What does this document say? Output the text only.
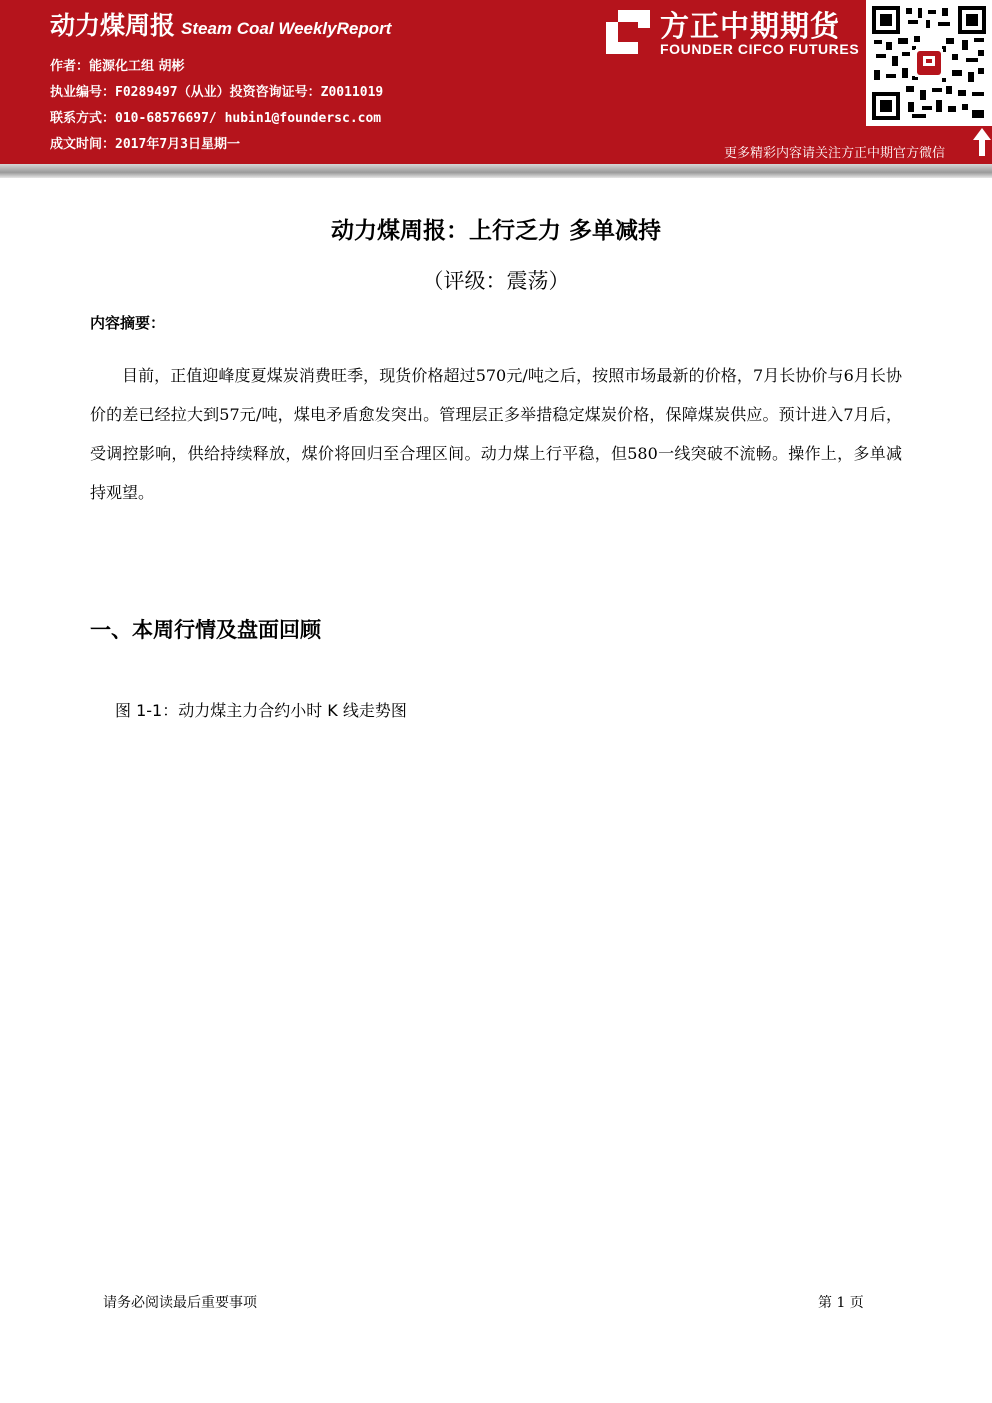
动力煤周报 Steam Coal WeeklyReport
作者：能源化工组 胡彬
执业编号：F0289497（从业）投资咨询证号：Z0011019
联系方式：010-68576697/ hubin1@foundersc.com
成文时间：2017年7月3日星期一
方正中期期货
FOUNDER CIFCO FUTURES
更多精彩内容请关注方正中期官方微信
动力煤周报：上行乏力 多单减持
（评级：震荡）
内容摘要：

目前，正值迎峰度夏煤炭消费旺季，现货价格超过570元/吨之后，按照市场最新的价格，7月长协价与6月长协价的差已经拉大到57元/吨，煤电矛盾愈发突出。管理层正多举措稳定煤炭价格，保障煤炭供应。预计进入7月后，受调控影响，供给持续释放，煤价将回归至合理区间。动力煤上行平稳，但580一线突破不流畅。操作上，多单减持观望。

一、本周行情及盘面回顾
图 1-1：动力煤主力合约小时 K 线走势图
请务必阅读最后重要事项	第 1 页
